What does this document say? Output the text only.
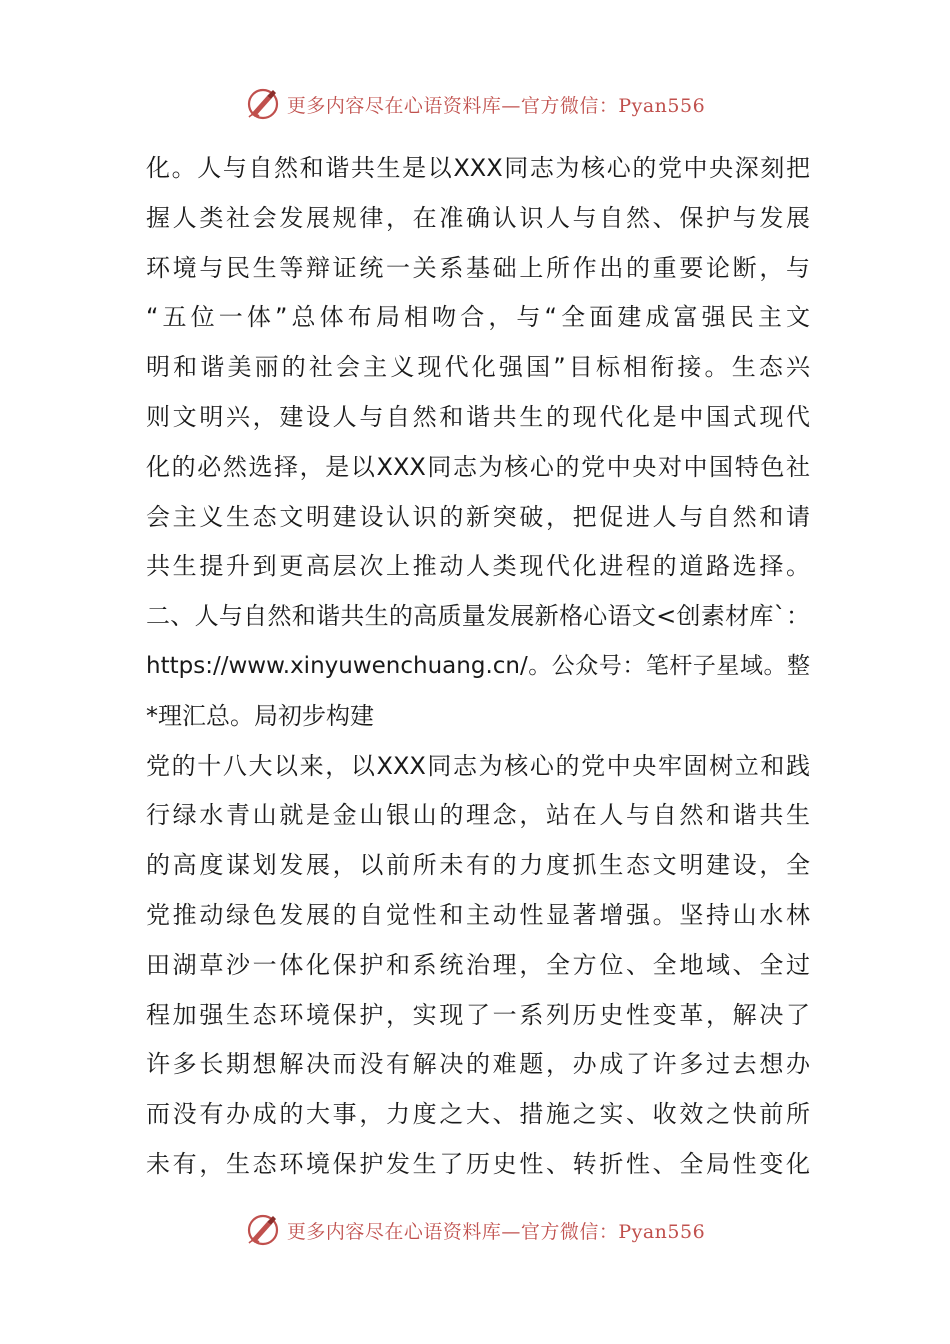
更多内容尽在心语资料库—官方微信：Pyan556
化。人与自然和谐共生是以XXX同志为核心的党中央深刻把
握人类社会发展规律，在准确认识人与自然、保护与发展
环境与民生等辩证统一关系基础上所作出的重要论断，与
“五位一体”总体布局相吻合，与“全面建成富强民主文
明和谐美丽的社会主义现代化强国”目标相衔接。生态兴
则文明兴，建设人与自然和谐共生的现代化是中国式现代
化的必然选择，是以XXX同志为核心的党中央对中国特色社
会主义生态文明建设认识的新突破，把促进人与自然和请
共生提升到更高层次上推动人类现代化进程的道路选择。
二、人与自然和谐共生的高质量发展新格心语文<创素材库`：
https://www.xinyuwenchuang.cn/。公众号：笔杆子星域。整
*理汇总。局初步构建
党的十八大以来，以XXX同志为核心的党中央牢固树立和践
行绿水青山就是金山银山的理念，站在人与自然和谐共生
的高度谋划发展，以前所未有的力度抓生态文明建设，全
党推动绿色发展的自觉性和主动性显著增强。坚持山水林
田湖草沙一体化保护和系统治理，全方位、全地域、全过
程加强生态环境保护，实现了一系列历史性变革，解决了
许多长期想解决而没有解决的难题，办成了许多过去想办
而没有办成的大事，力度之大、措施之实、收效之快前所
未有，生态环境保护发生了历史性、转折性、全局性变化
更多内容尽在心语资料库—官方微信：Pyan556
